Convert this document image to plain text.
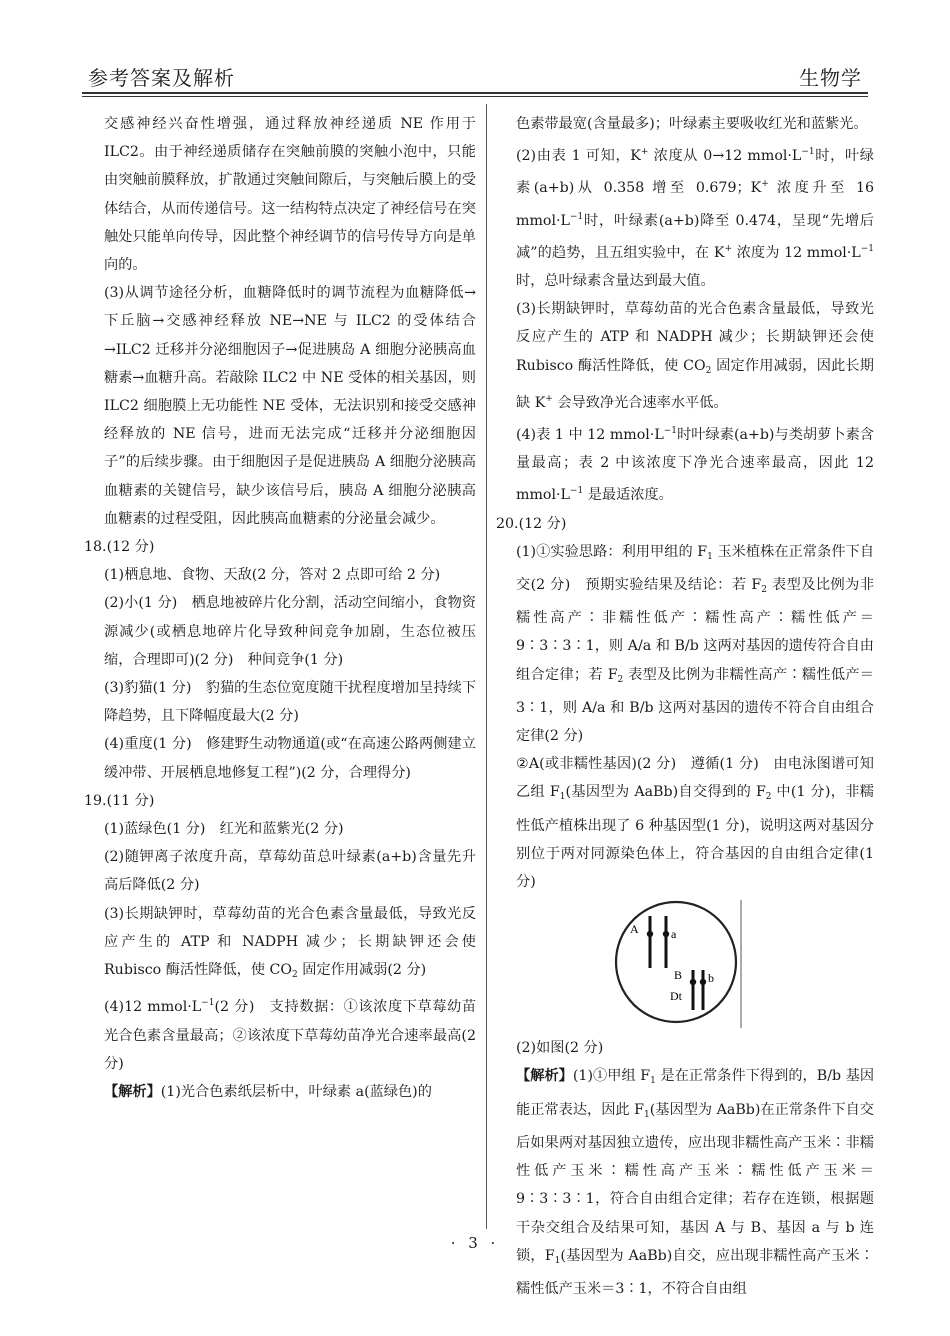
参考答案及解析	生物学

交感神经兴奋性增强，通过释放神经递质 NE 作用于 ILC2。由于神经递质储存在突触前膜的突触小泡中，只能由突触前膜释放，扩散通过突触间隙后，与突触后膜上的受体结合，从而传递信号。这一结构特点决定了神经信号在突触处只能单向传导，因此整个神经调节的信号传导方向是单向的。

(3)从调节途径分析，血糖降低时的调节流程为血糖降低→下丘脑→交感神经释放 NE→NE 与 ILC2 的受体结合→ILC2 迁移并分泌细胞因子→促进胰岛 A 细胞分泌胰高血糖素→血糖升高。若敲除 ILC2 中 NE 受体的相关基因，则 ILC2 细胞膜上无功能性 NE 受体，无法识别和接受交感神经释放的 NE 信号，进而无法完成“迁移并分泌细胞因子”的后续步骤。由于细胞因子是促进胰岛 A 细胞分泌胰高血糖素的关键信号，缺少该信号后，胰岛 A 细胞分泌胰高血糖素的过程受阻，因此胰高血糖素的分泌量会减少。

18.(12 分)

(1)栖息地、食物、天敌(2 分，答对 2 点即可给 2 分)

(2)小(1 分)　栖息地被碎片化分割，活动空间缩小，食物资源减少(或栖息地碎片化导致种间竞争加剧，生态位被压缩，合理即可)(2 分)　种间竞争(1 分)

(3)豹猫(1 分)　豹猫的生态位宽度随干扰程度增加呈持续下降趋势，且下降幅度最大(2 分)

(4)重度(1 分)　修建野生动物通道(或“在高速公路两侧建立缓冲带、开展栖息地修复工程”)(2 分，合理得分)

19.(11 分)

(1)蓝绿色(1 分)　红光和蓝紫光(2 分)

(2)随钾离子浓度升高，草莓幼苗总叶绿素(a+b)含量先升高后降低(2 分)

(3)长期缺钾时，草莓幼苗的光合色素含量最低，导致光反应产生的 ATP 和 NADPH 减少；长期缺钾还会使 Rubisco 酶活性降低，使 $CO_2$ 固定作用减弱(2 分)

(4)12 $mmol\cdot L^{-1}(2$ 分)　支持数据：①该浓度下草莓幼苗光合色素含量最高；②该浓度下草莓幼苗净光合速率最高(2 分)

【解析】(1)光合色素纸层析中，叶绿素 a(蓝绿色)的

色素带最宽(含量最多)；叶绿素主要吸收红光和蓝紫光。

(2)由表 1 可知，K+ 浓度从 0→12 $mmol\cdot L^{-1}$时，叶绿素(a+b)从 0.358 增至 0.679；K+ 浓度升至 16 $mmol\cdot L^{-1}$时，叶绿素(a+b)降至 0.474，呈现“先增后减”的趋势，且五组实验中，在 K+ 浓度为 12 $mmol\cdot L^{-1}$时，总叶绿素含量达到最大值。

(3)长期缺钾时，草莓幼苗的光合色素含量最低，导致光反应产生的 ATP 和 NADPH 减少；长期缺钾还会使 Rubisco 酶活性降低，使 $CO_2$ 固定作用减弱，因此长期缺 K+ 会导致净光合速率水平低。

(4)表 1 中 12 $mmol\cdot L^{-1}$时叶绿素(a+b)与类胡萝卜素含量最高；表 2 中该浓度下净光合速率最高，因此 12 $mmol\cdot L^{-1}$ 是最适浓度。

20.(12 分)

(1)①实验思路：利用甲组的 $F_1$ 玉米植株在正常条件下自交(2 分)　预期实验结果及结论：若 $F_2$ 表型及比例为非糯性高产∶非糯性低产∶糯性高产∶糯性低产＝9∶3∶3∶1，则 A/a 和 B/b 这两对基因的遗传符合自由组合定律；若 $F_2$ 表型及比例为非糯性高产∶糯性低产＝3∶1，则 A/a 和 B/b 这两对基因的遗传不符合自由组合定律(2 分)

②A(或非糯性基因)(2 分)　遵循(1 分)　由电泳图谱可知乙组 $F_1$(基因型为 AaBb)自交得到的 $F_2$ 中(1 分)，非糯性低产植株出现了 6 种基因型(1 分)，说明这两对基因分别位于两对同源染色体上，符合基因的自由组合定律(1 分)

A	a
B b
Dt

(2)如图(2 分)

【解析】(1)①甲组 $F_1$ 是在正常条件下得到的，B/b 基因能正常表达，因此 $F_1$(基因型为 AaBb)在正常条件下自交后如果两对基因独立遗传，应出现非糯性高产玉米∶非糯性低产玉米∶糯性高产玉米∶糯性低产玉米＝9∶3∶3∶1，符合自由组合定律；若存在连锁，根据题干杂交组合及结果可知，基因 A 与 B、基因 a 与 b 连锁，$F_1$(基因型为 AaBb)自交，应出现非糯性高产玉米∶糯性低产玉米＝3∶1，不符合自由组

· 3 ·
